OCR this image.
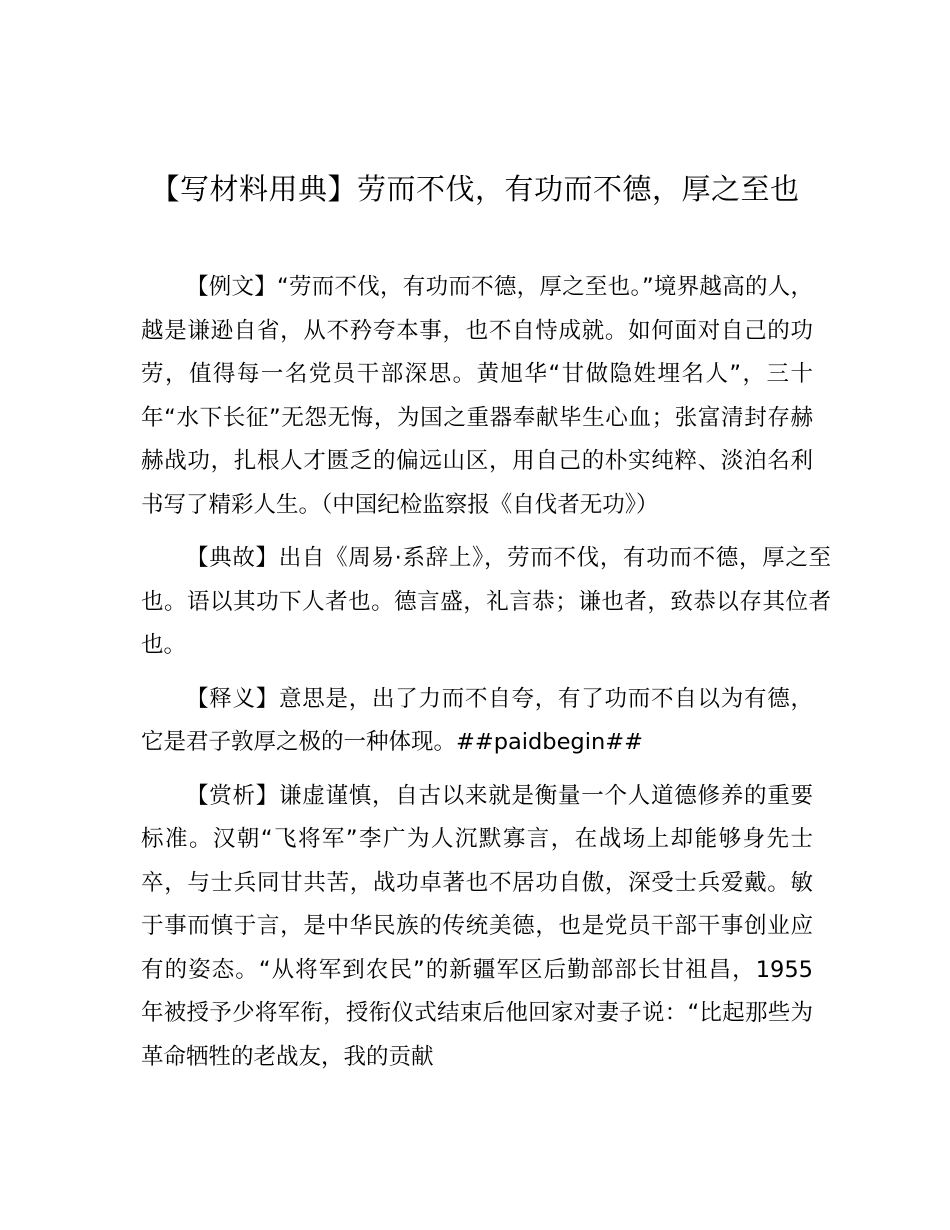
【写材料用典】劳而不伐，有功而不德，厚之至也

【例文】“劳而不伐，有功而不德，厚之至也。”境界越高的人，越是谦逊自省，从不矜夸本事，也不自恃成就。如何面对自己的功劳，值得每一名党员干部深思。黄旭华“甘做隐姓埋名人”，三十年“水下长征”无怨无悔，为国之重器奉献毕生心血；张富清封存赫赫战功，扎根人才匮乏的偏远山区，用自己的朴实纯粹、淡泊名利书写了精彩人生。（中国纪检监察报《自伐者无功》）

【典故】出自《周易·系辞上》，劳而不伐，有功而不德，厚之至也。语以其功下人者也。德言盛，礼言恭；谦也者，致恭以存其位者也。

【释义】意思是，出了力而不自夸，有了功而不自以为有德，它是君子敦厚之极的一种体现。##paidbegin##

【赏析】谦虚谨慎，自古以来就是衡量一个人道德修养的重要标准。汉朝“飞将军”李广为人沉默寡言，在战场上却能够身先士卒，与士兵同甘共苦，战功卓著也不居功自傲，深受士兵爱戴。敏于事而慎于言，是中华民族的传统美德，也是党员干部干事创业应有的姿态。“从将军到农民”的新疆军区后勤部部长甘祖昌，1955 年被授予少将军衔，授衔仪式结束后他回家对妻子说：“比起那些为革命牺牲的老战友，我的贡献
